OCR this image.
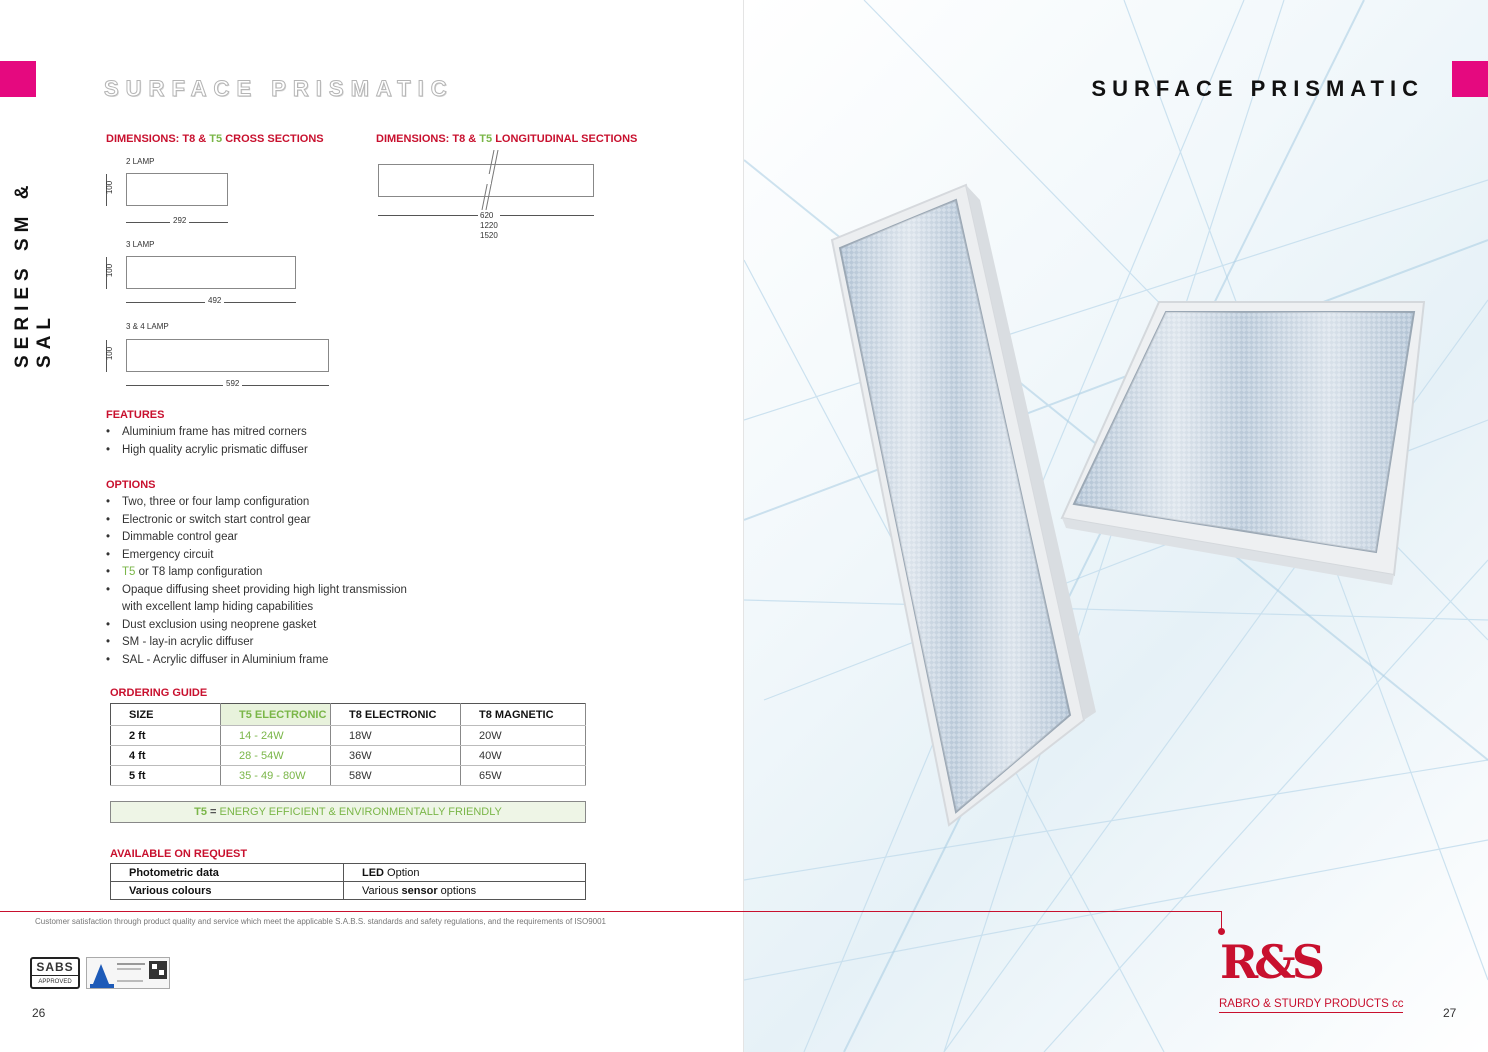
SURFACE PRISMATIC
SERIES SM & SAL
DIMENSIONS: T8 & T5 CROSS SECTIONS
2 LAMP
100
292
3 LAMP
100
492
3 & 4 LAMP
100
592
DIMENSIONS: T8 & T5 LONGITUDINAL SECTIONS
620
1220
1520
FEATURES
• Aluminium frame has mitred corners
• High quality acrylic prismatic diffuser
OPTIONS
• Two, three or four lamp configuration
• Electronic or switch start control gear
• Dimmable control gear
• Emergency circuit
• T5 or T8 lamp configuration
• Opaque diffusing sheet providing high light transmission
with excellent lamp hiding capabilities
• Dust exclusion using neoprene gasket
• SM - lay-in acrylic diffuser
• SAL - Acrylic diffuser in Aluminium frame
ORDERING GUIDE
SIZE	T5 ELECTRONIC	T8 ELECTRONIC	T8 MAGNETIC
2 ft	14 - 24W	18W	20W
4 ft	28 - 54W	36W	40W
5 ft	35 - 49 - 80W	58W	65W
T5 = ENERGY EFFICIENT & ENVIRONMENTALLY FRIENDLY
AVAILABLE ON REQUEST
Photometric data	LED Option
Various colours	Various sensor options
Customer satisfaction through product quality and service which meet the applicable S.A.B.S. standards and safety regulations, and the requirements of ISO9001
SABS
APPROVED
26
SURFACE PRISMATIC
R&S
RABRO & STURDY PRODUCTS cc
27
